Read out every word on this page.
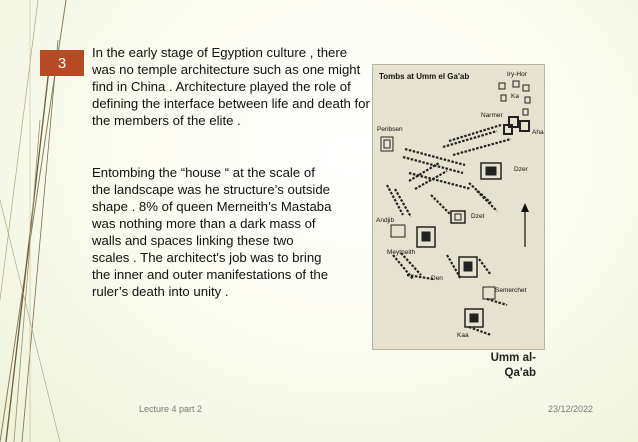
3
In the early stage of Egyption culture , there was no temple architecture such as one might find in China . Architecture played the role of defining the interface between life and death for the members of the elite .
Entombing the “house “ at the scale of the landscape was he structure’s outside shape . 8% of queen Merneith’s Mastaba was nothing more than a dark mass of walls and spaces linking these two scales . The architect's job was to bring the inner and outer manifestations of the ruler’s death into unity .
Tombs at Umm el Ga'ab	Iry-Hor
Ka
Narmer
Aha
Peribsen
Dzer
Andjib
Dzet
Meytneith
Den
Semerchet
Kaa
Umm al-
Qa'ab
Lecture 4 part 2	23/12/2022
